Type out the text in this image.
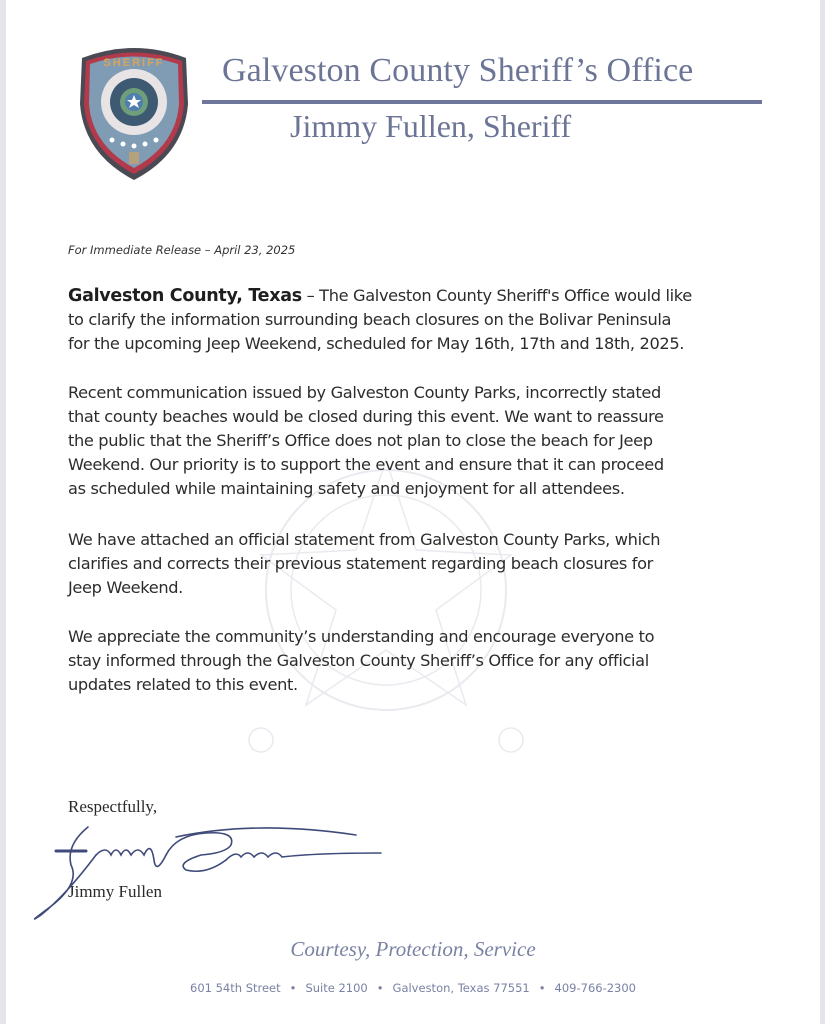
SHERIFF Galveston County Sheriff’s Office
Jimmy Fullen, Sheriff
For Immediate Release – April 23, 2025
Galveston County, Texas – The Galveston County Sheriff's Office would like
to clarify the information surrounding beach closures on the Bolivar Peninsula
for the upcoming Jeep Weekend, scheduled for May 16th, 17th and 18th, 2025.
Recent communication issued by Galveston County Parks, incorrectly stated
that county beaches would be closed during this event. We want to reassure
the public that the Sheriff’s Office does not plan to close the beach for Jeep
Weekend. Our priority is to support the event and ensure that it can proceed
as scheduled while maintaining safety and enjoyment for all attendees.
We have attached an official statement from Galveston County Parks, which
clarifies and corrects their previous statement regarding beach closures for
Jeep Weekend.
We appreciate the community’s understanding and encourage everyone to
stay informed through the Galveston County Sheriff’s Office for any official
updates related to this event.
Respectfully,
Jimmy Fullen
Courtesy, Protection, Service
601 54th Street • Suite 2100 • Galveston, Texas 77551 • 409-766-2300
